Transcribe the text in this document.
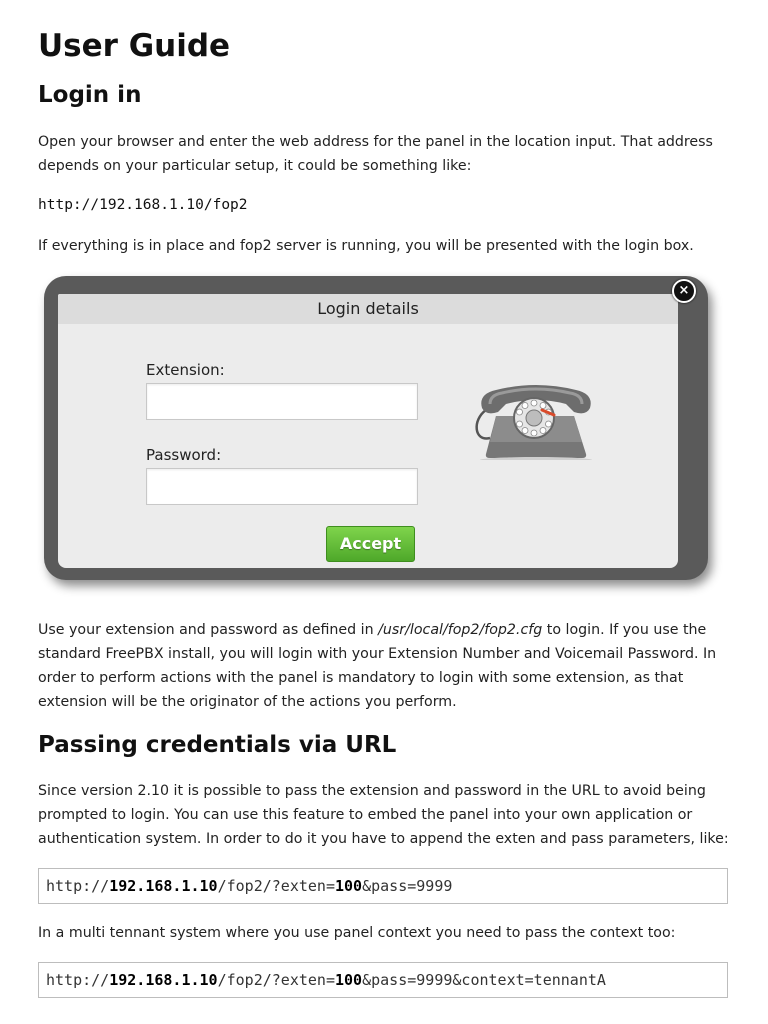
User Guide
Login in

Open your browser and enter the web address for the panel in the location input. That address depends on your particular setup, it could be something like:

http://192.168.1.10/fop2

If everything is in place and fop2 server is running, you will be presented with the login box.

Login details
Extension:
Password:
Accept
×

Use your extension and password as defined in /usr/local/fop2/fop2.cfg to login. If you use the standard FreePBX install, you will login with your Extension Number and Voicemail Password. In order to perform actions with the panel is mandatory to login with some extension, as that extension will be the originator of the actions you perform.

Passing credentials via URL

Since version 2.10 it is possible to pass the extension and password in the URL to avoid being prompted to login. You can use this feature to embed the panel into your own application or authentication system. In order to do it you have to append the exten and pass parameters, like:

http://192.168.1.10/fop2/?exten=100&pass=9999

In a multi tennant system where you use panel context you need to pass the context too:

http://192.168.1.10/fop2/?exten=100&pass=9999&context=tennantA
